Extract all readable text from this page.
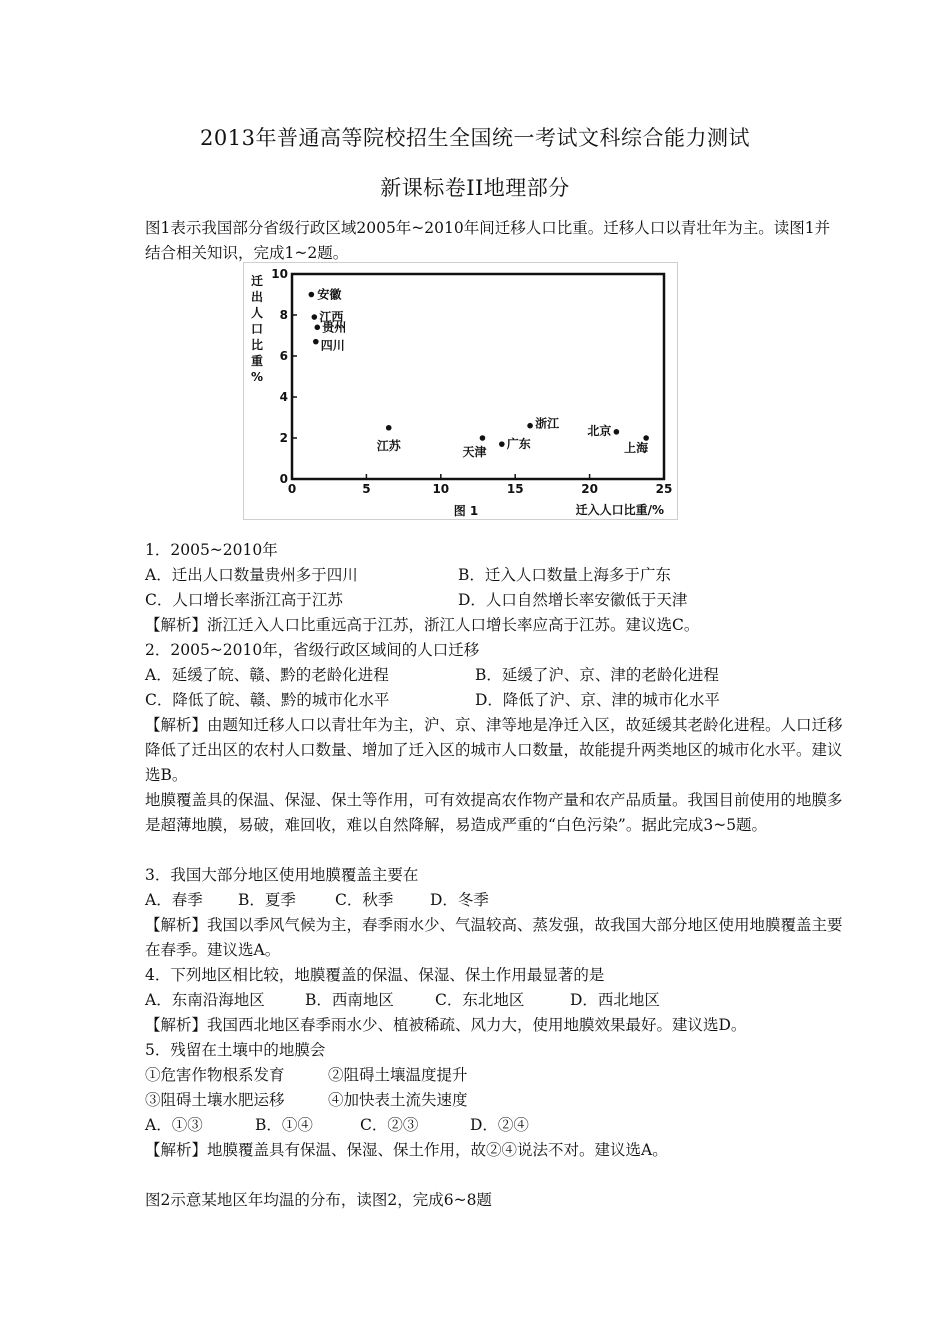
2013年普通高等院校招生全国统一考试文科综合能力测试
新课标卷II地理部分
图1表示我国部分省级行政区域2005年~2010年间迁移人口比重。迁移人口以青壮年为主。读图1并结合相关知识，完成1~2题。
0
2
4
6
8
10
0	5	10	15	20	25
迁
出
人
口
比
重
%
迁入人口比重/%
图 1
安徽
江西
贵州
四川
江苏	天津
广东
浙江
北京
上海
1．2005~2010年
A．迁出人口数量贵州多于四川	B．迁入人口数量上海多于广东
C．人口增长率浙江高于江苏	D．人口自然增长率安徽低于天津
【解析】浙江迁入人口比重远高于江苏，浙江人口增长率应高于江苏。建议选C。
2．2005~2010年，省级行政区域间的人口迁移
A．延缓了皖、赣、黔的老龄化进程	B．延缓了沪、京、津的老龄化进程
C．降低了皖、赣、黔的城市化水平	D．降低了沪、京、津的城市化水平
【解析】由题知迁移人口以青壮年为主，沪、京、津等地是净迁入区，故延缓其老龄化进程。人口迁移降低了迁出区的农村人口数量、增加了迁入区的城市人口数量，故能提升两类地区的城市化水平。建议选B。
地膜覆盖具的保温、保湿、保土等作用，可有效提高农作物产量和农产品质量。我国目前使用的地膜多是超薄地膜，易破，难回收，难以自然降解，易造成严重的“白色污染”。据此完成3~5题。
3．我国大部分地区使用地膜覆盖主要在
A．春季 B．夏季	C．秋季 D．冬季
【解析】我国以季风气候为主，春季雨水少、气温较高、蒸发强，故我国大部分地区使用地膜覆盖主要在春季。建议选A。
4．下列地区相比较，地膜覆盖的保温、保湿、保土作用最显著的是
A．东南沿海地区	B．西南地区	C．东北地区	D．西北地区
【解析】我国西北地区春季雨水少、植被稀疏、风力大，使用地膜效果最好。建议选D。
5．残留在土壤中的地膜会
①危害作物根系发育	②阻碍土壤温度提升
③阻碍土壤水肥运移	④加快表土流失速度
A．①③	B．①④	C．②③	D．②④
【解析】地膜覆盖具有保温、保湿、保土作用，故②④说法不对。建议选A。
图2示意某地区年均温的分布，读图2，完成6~8题
